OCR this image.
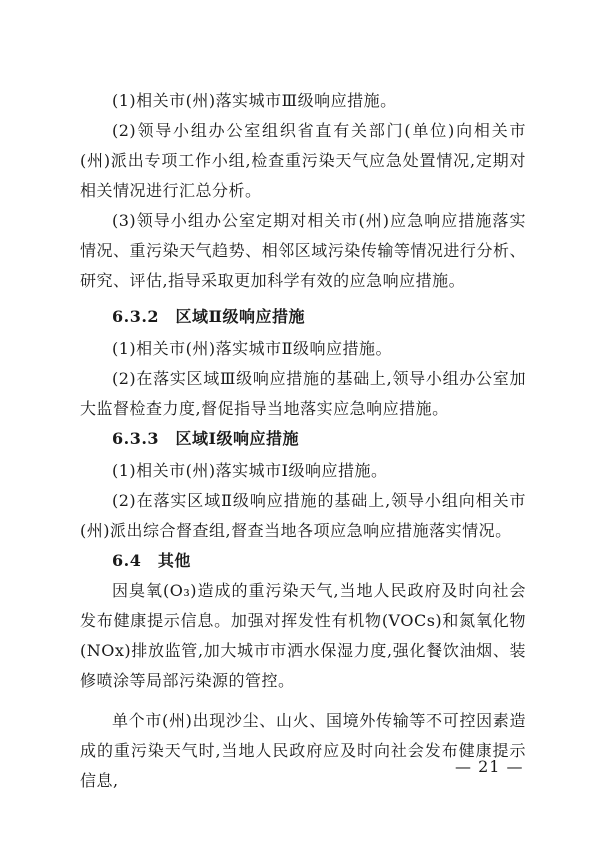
(1)相关市(州)落实城市Ⅲ级响应措施。

(2)领导小组办公室组织省直有关部门(单位)向相关市(州)派出专项工作小组,检查重污染天气应急处置情况,定期对相关情况进行汇总分析。

(3)领导小组办公室定期对相关市(州)应急响应措施落实情况、重污染天气趋势、相邻区域污染传输等情况进行分析、研究、评估,指导采取更加科学有效的应急响应措施。

6.3.2　区域Ⅱ级响应措施

(1)相关市(州)落实城市Ⅱ级响应措施。

(2)在落实区域Ⅲ级响应措施的基础上,领导小组办公室加大监督检查力度,督促指导当地落实应急响应措施。

6.3.3　区域Ⅰ级响应措施

(1)相关市(州)落实城市Ⅰ级响应措施。

(2)在落实区域Ⅱ级响应措施的基础上,领导小组向相关市(州)派出综合督查组,督查当地各项应急响应措施落实情况。

6.4　其他

因臭氧(O₃)造成的重污染天气,当地人民政府及时向社会发布健康提示信息。加强对挥发性有机物(VOCs)和氮氧化物(NOx)排放监管,加大城市市洒水保湿力度,强化餐饮油烟、装修喷涂等局部污染源的管控。

单个市(州)出现沙尘、山火、国境外传输等不可控因素造成的重污染天气时,当地人民政府应及时向社会发布健康提示信息,

— 21 —
